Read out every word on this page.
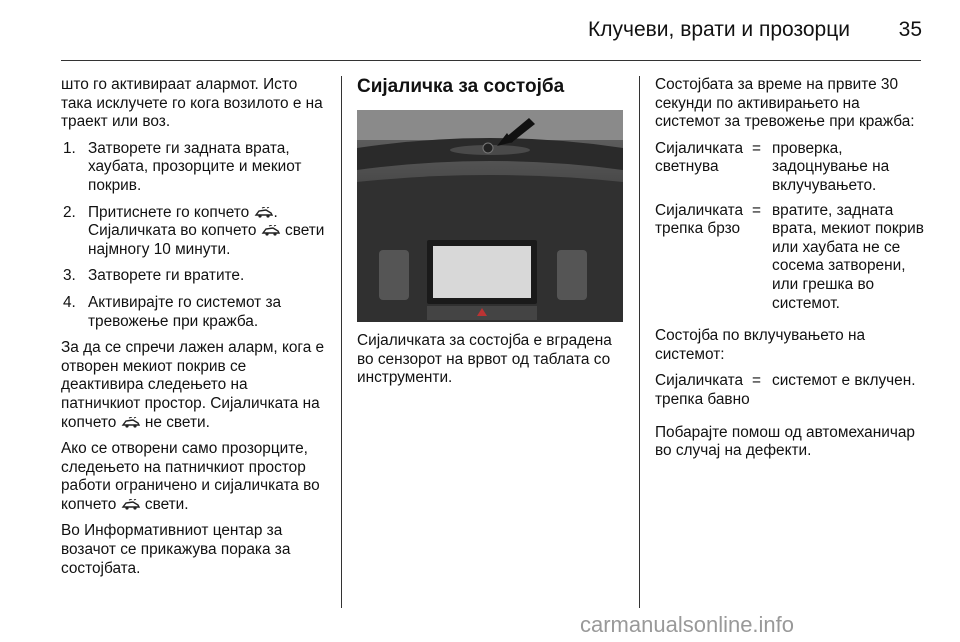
Клучеви, врати и прозорци 35

што го активираат алармот. Исто така исклучете го кога возилото е на траект или воз.

1. Затворете ги задната врата, хаубата, прозорците и мекиот покрив.
2. Притиснете го копчето . Сијаличката во копчето свети најмногу 10 минути.
3. Затворете ги вратите.
4. Активирајте го системот за тревожење при кражба.

За да се спречи лажен аларм, кога е отворен мекиот покрив се деактивира следењето на патничкиот простор. Сијаличката на копчето не свети.

Ако се отворени само прозорците, следењето на патничкиот простор работи ограничено и сијаличката во копчето свети.

Во Информативниот центар за возачот се прикажува порака за состојбата.

Сијаличка за состојба

Сијаличката за состојба е вградена во сензорот на врвот од таблата со инструменти.

Состојбата за време на првите 30 секунди по активирањето на системот за тревожење при кражба:

Сијаличката светнува
= проверка, задоцнување на вклучувањето.
Сијаличката трепка брзо
= вратите, задната врата, мекиот покрив или хаубата не се сосема затворени, или грешка во системот.

Состојба по вклучувањето на системот:

Сијаличката трепка бавно
= системот е вклучен.

Побарајте помош од автомеханичар во случај на дефекти.

carmanualsonline.info
